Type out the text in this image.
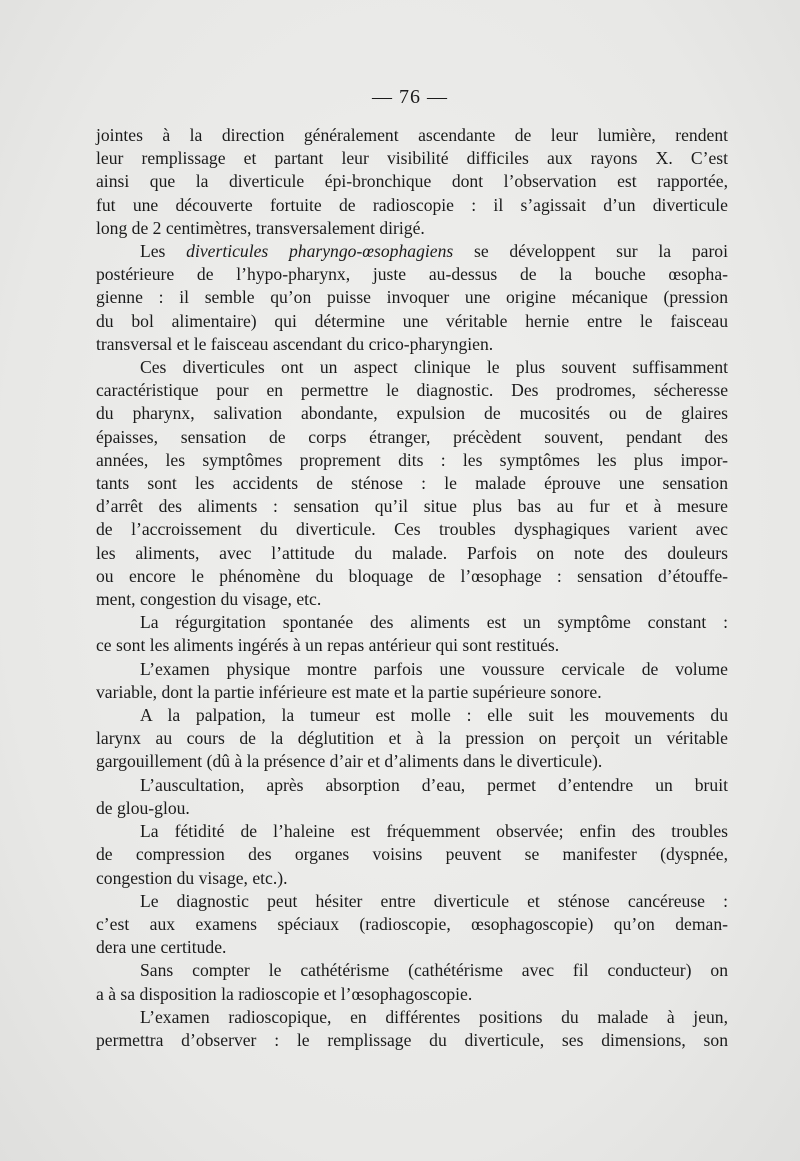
— 76 —

jointes à la direction généralement ascendante de leur lumière, rendent
leur remplissage et partant leur visibilité difficiles aux rayons X. C’est
ainsi que la diverticule épi-bronchique dont l’observation est rapportée,
fut une découverte fortuite de radioscopie : il s’agissait d’un diverticule
long de 2 centimètres, transversalement dirigé.

Les diverticules pharyngo-œsophagiens se développent sur la paroi
postérieure de l’hypo-pharynx, juste au-dessus de la bouche œsopha-
gienne : il semble qu’on puisse invoquer une origine mécanique (pression
du bol alimentaire) qui détermine une véritable hernie entre le faisceau
transversal et le faisceau ascendant du crico-pharyngien.

Ces diverticules ont un aspect clinique le plus souvent suffisamment
caractéristique pour en permettre le diagnostic. Des prodromes, sécheresse
du pharynx, salivation abondante, expulsion de mucosités ou de glaires
épaisses, sensation de corps étranger, précèdent souvent, pendant des
années, les symptômes proprement dits : les symptômes les plus impor-
tants sont les accidents de sténose : le malade éprouve une sensation
d’arrêt des aliments : sensation qu’il situe plus bas au fur et à mesure
de l’accroissement du diverticule. Ces troubles dysphagiques varient avec
les aliments, avec l’attitude du malade. Parfois on note des douleurs
ou encore le phénomène du bloquage de l’œsophage : sensation d’étouffe-
ment, congestion du visage, etc.

La régurgitation spontanée des aliments est un symptôme constant :
ce sont les aliments ingérés à un repas antérieur qui sont restitués.

L’examen physique montre parfois une voussure cervicale de volume
variable, dont la partie inférieure est mate et la partie supérieure sonore.

A la palpation, la tumeur est molle : elle suit les mouvements du
larynx au cours de la déglutition et à la pression on perçoit un véritable
gargouillement (dû à la présence d’air et d’aliments dans le diverticule).

L’auscultation, après absorption d’eau, permet d’entendre un bruit
de glou-glou.

La fétidité de l’haleine est fréquemment observée; enfin des troubles
de compression des organes voisins peuvent se manifester (dyspnée,
congestion du visage, etc.).

Le diagnostic peut hésiter entre diverticule et sténose cancéreuse :
c’est aux examens spéciaux (radioscopie, œsophagoscopie) qu’on deman-
dera une certitude.

Sans compter le cathétérisme (cathétérisme avec fil conducteur) on
a à sa disposition la radioscopie et l’œsophagoscopie.

L’examen radioscopique, en différentes positions du malade à jeun,
permettra d’observer : le remplissage du diverticule, ses dimensions, son
